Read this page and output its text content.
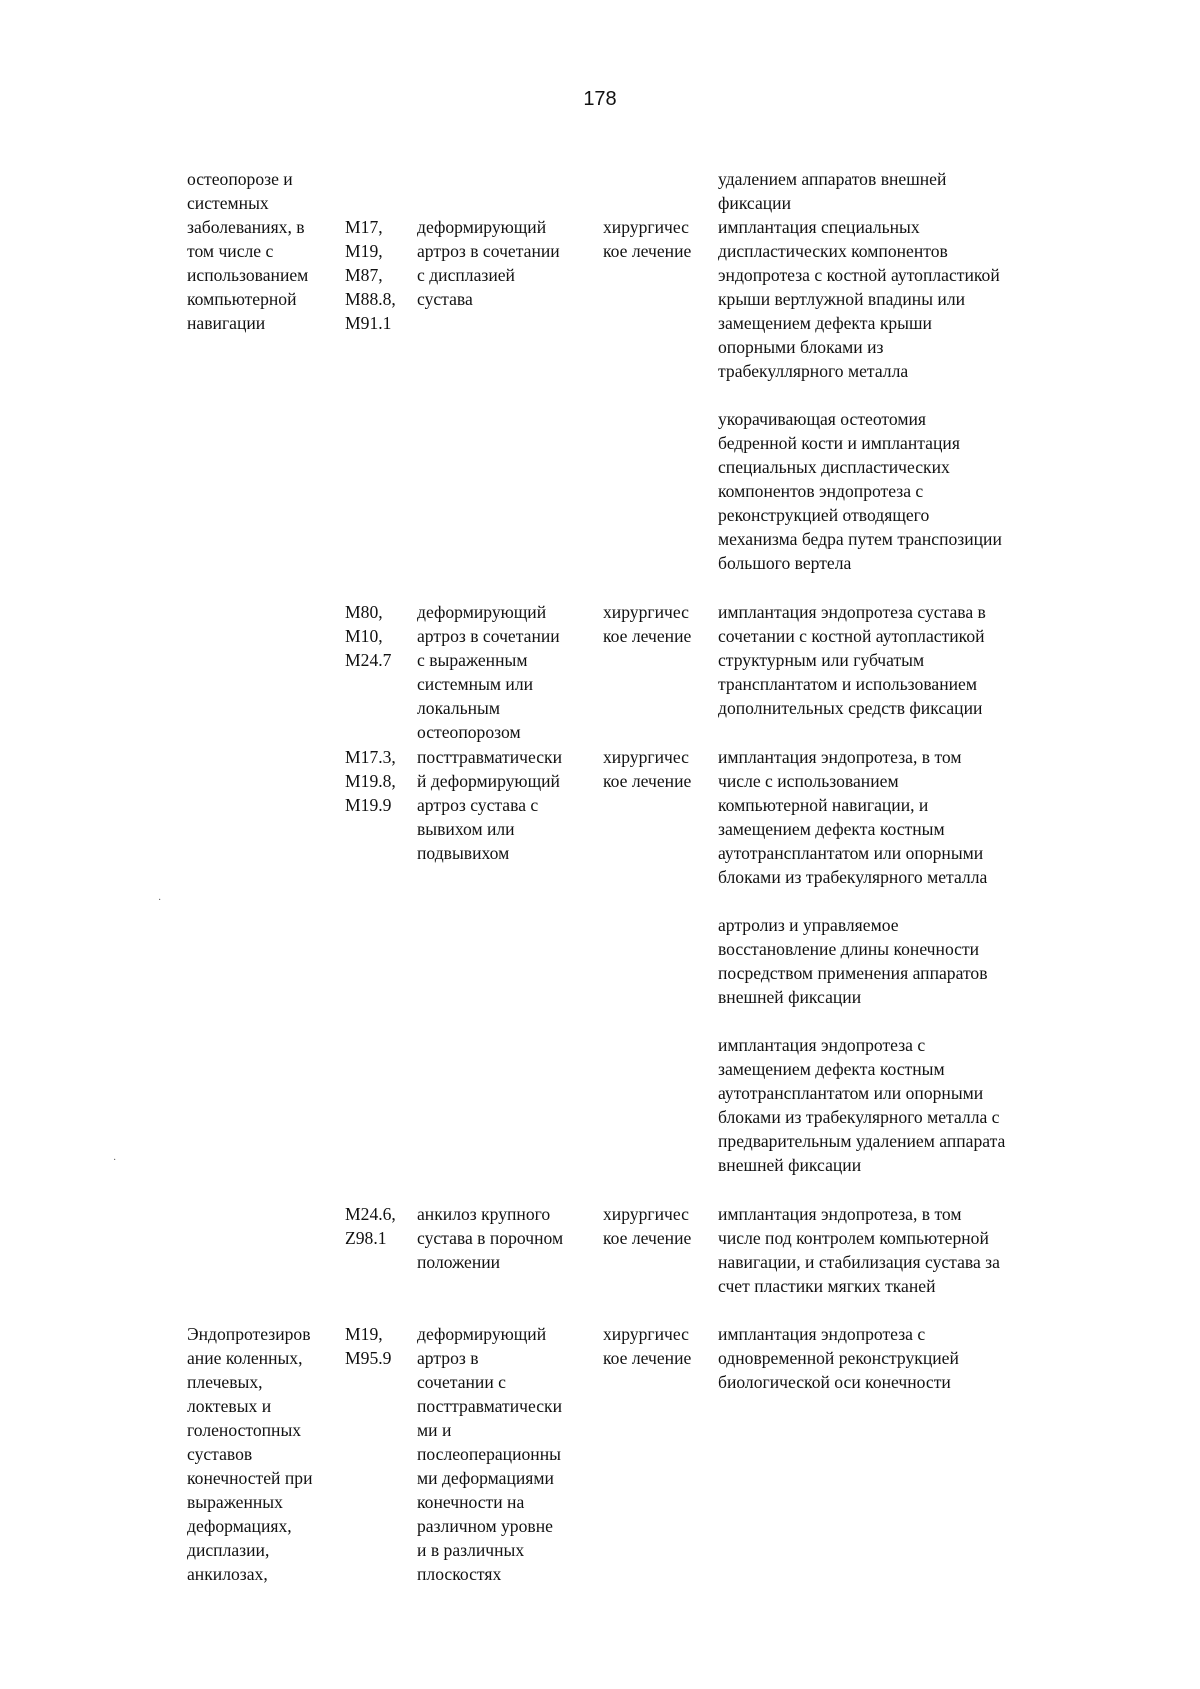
178
остеопорозе и
системных
удалением аппаратов внешней
фиксации
заболеваниях, в
том числе с
использованием
компьютерной
навигации
M17,
M19,
M87,
M88.8,
M91.1
деформирующий
артроз в сочетании
с дисплазией
сустава
хирургичес
кое лечение
имплантация специальных
диспластических компонентов
эндопротеза с костной аутопластикой
крыши вертлужной впадины или
замещением дефекта крыши
опорными блоками из
трабекуллярного металла
укорачивающая остеотомия
бедренной кости и имплантация
специальных диспластических
компонентов эндопротеза с
реконструкцией отводящего
механизма бедра путем транспозиции
большого вертела
M80,
M10,
M24.7
деформирующий
артроз в сочетании
с выраженным
системным или
локальным
остеопорозом
хирургичес
кое лечение
имплантация эндопротеза сустава в
сочетании с костной аутопластикой
структурным или губчатым
трансплантатом и использованием
дополнительных средств фиксации
M17.3,
M19.8,
M19.9
посттравматически
й деформирующий
артроз сустава с
вывихом или
подвывихом
хирургичес
кое лечение
имплантация эндопротеза, в том
числе с использованием
компьютерной навигации, и
замещением дефекта костным
аутотрансплантатом или опорными
блоками из трабекулярного металла
артролиз и управляемое
восстановление длины конечности
посредством применения аппаратов
внешней фиксации
имплантация эндопротеза с
замещением дефекта костным
аутотрансплантатом или опорными
блоками из трабекулярного металла с
предварительным удалением аппарата
внешней фиксации
M24.6,
Z98.1
анкилоз крупного
сустава в порочном
положении
хирургичес
кое лечение
имплантация эндопротеза, в том
числе под контролем компьютерной
навигации, и стабилизация сустава за
счет пластики мягких тканей
Эндопротезиров
ание коленных,
плечевых,
локтевых и
голеностопных
суставов
конечностей при
выраженных
деформациях,
дисплазии,
анкилозах,
M19,
M95.9
деформирующий
артроз в
сочетании с
посттравматически
ми и
послеоперационны
ми деформациями
конечности на
различном уровне
и в различных
плоскостях
хирургичес
кое лечение
имплантация эндопротеза с
одновременной реконструкцией
биологической оси конечности
·
·
